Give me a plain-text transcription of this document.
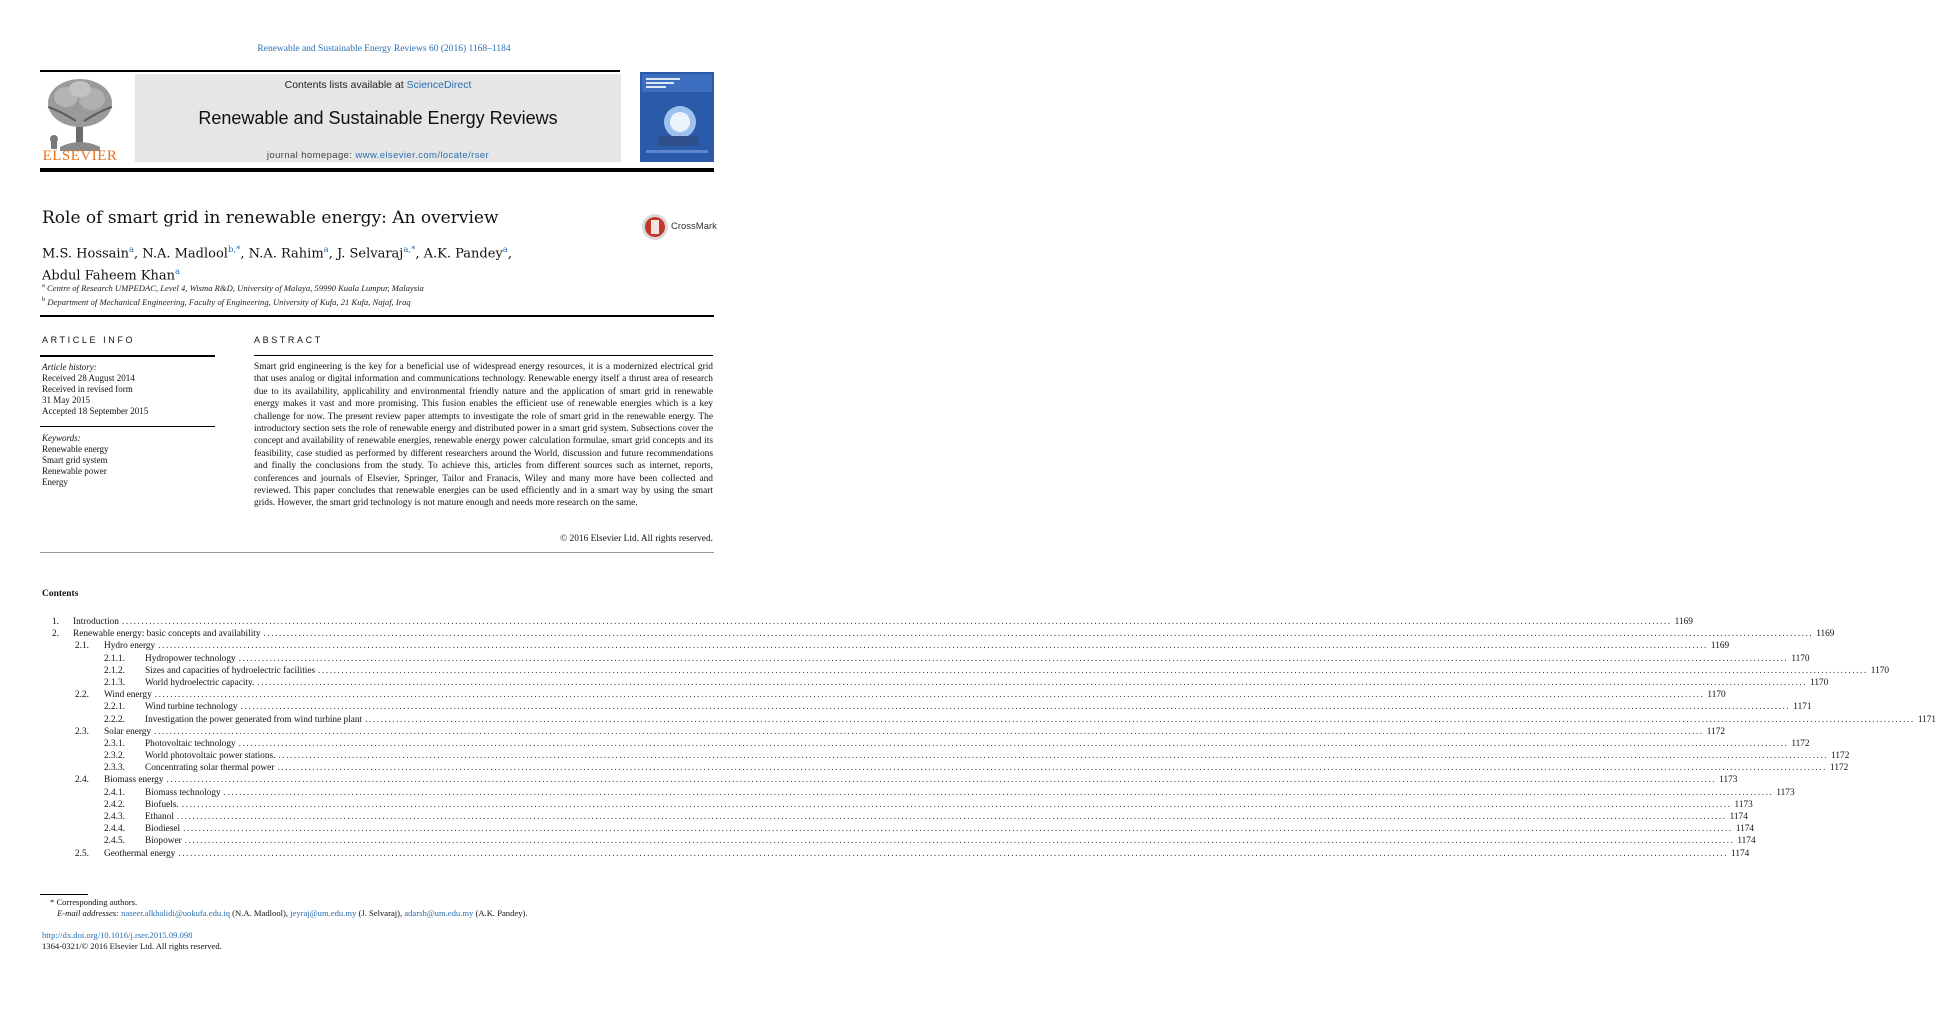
Renewable and Sustainable Energy Reviews 60 (2016) 1168–1184
ELSEVIER
Contents lists available at ScienceDirect
Renewable and Sustainable Energy Reviews
journal homepage: www.elsevier.com/locate/rser
Role of smart grid in renewable energy: An overview	CrossMark
M.S. Hossain$^a$, N.A. Madlool$^{b,*}$, N.A. Rahim$^a$, J. Selvaraj$^{a,*}$, A.K. Pandey$^a$,
Abdul Faheem Khan$^a$
$^a$ Centre of Research UMPEDAC, Level 4, Wisma R&D, University of Malaya, 59990 Kuala Lumpur, Malaysia
$^b$ Department of Mechanical Engineering, Faculty of Engineering, University of Kufa, 21 Kufa, Najaf, Iraq
ARTICLE INFO	ABSTRACT
Article history:
Received 28 August 2014
Received in revised form
31 May 2015
Accepted 18 September 2015
Keywords:
Renewable energy
Smart grid system
Renewable power
Energy
Smart grid engineering is the key for a beneficial use of widespread energy resources, it is a modernized electrical grid that uses analog or digital information and communications technology. Renewable energy itself a thrust area of research due to its availability, applicability and environmental friendly nature and the application of smart grid in renewable energy makes it vast and more promising. This fusion enables the efficient use of renewable energies which is a key challenge for now. The present review paper attempts to investigate the role of smart grid in the renewable energy. The introductory section sets the role of renewable energy and distributed power in a smart grid system. Subsections cover the concept and availability of renewable energies, renewable energy power calculation formulae, smart grid concepts and its feasibility, case studied as performed by different researchers around the World, discussion and future recommendations and finally the conclusions from the study. To achieve this, articles from different sources such as internet, reports, conferences and journals of Elsevier, Springer, Tailor and Franacis, Wiley and many more have been collected and reviewed. This paper concludes that renewable energies can be used efficiently and in a smart way by using the smart grids. However, the smart grid technology is not mature enough and needs more research on the same.
© 2016 Elsevier Ltd. All rights reserved.
Contents
1. Introduction ................................................................................................................................................................................................................................................................................................................................................................................................................ 1169
2. Renewable energy: basic concepts and availability ................................................................................................................................................................................................................................................................................................................................................................................................................ 1169
2.1. Hydro energy ................................................................................................................................................................................................................................................................................................................................................................................................................ 1169
2.1.1. Hydropower technology ................................................................................................................................................................................................................................................................................................................................................................................................................ 1170
2.1.2. Sizes and capacities of hydroelectric facilities ................................................................................................................................................................................................................................................................................................................................................................................................................ 1170
2.1.3. World hydroelectric capacity. ................................................................................................................................................................................................................................................................................................................................................................................................................ 1170
2.2. Wind energy ................................................................................................................................................................................................................................................................................................................................................................................................................ 1170
2.2.1. Wind turbine technology ................................................................................................................................................................................................................................................................................................................................................................................................................ 1171
2.2.2. Investigation the power generated from wind turbine plant ................................................................................................................................................................................................................................................................................................................................................................................................................ 1171
2.3. Solar energy ................................................................................................................................................................................................................................................................................................................................................................................................................ 1172
2.3.1. Photovoltaic technology ................................................................................................................................................................................................................................................................................................................................................................................................................ 1172
2.3.2. World photovoltaic power stations. ................................................................................................................................................................................................................................................................................................................................................................................................................ 1172
2.3.3. Concentrating solar thermal power ................................................................................................................................................................................................................................................................................................................................................................................................................ 1172
2.4. Biomass energy ................................................................................................................................................................................................................................................................................................................................................................................................................ 1173
2.4.1. Biomass technology ................................................................................................................................................................................................................................................................................................................................................................................................................ 1173
2.4.2. Biofuels. ................................................................................................................................................................................................................................................................................................................................................................................................................ 1173
2.4.3. Ethanol ................................................................................................................................................................................................................................................................................................................................................................................................................ 1174
2.4.4. Biodiesel ................................................................................................................................................................................................................................................................................................................................................................................................................ 1174
2.4.5. Biopower ................................................................................................................................................................................................................................................................................................................................................................................................................ 1174
2.5. Geothermal energy ................................................................................................................................................................................................................................................................................................................................................................................................................ 1174
* Corresponding authors.
E-mail addresses: naseer.alkhalidi@uokufa.edu.iq (N.A. Madlool), jeyraj@um.edu.my (J. Selvaraj), adarsh@um.edu.my (A.K. Pandey).
http://dx.doi.org/10.1016/j.rser.2015.09.098
1364-0321/© 2016 Elsevier Ltd. All rights reserved.
